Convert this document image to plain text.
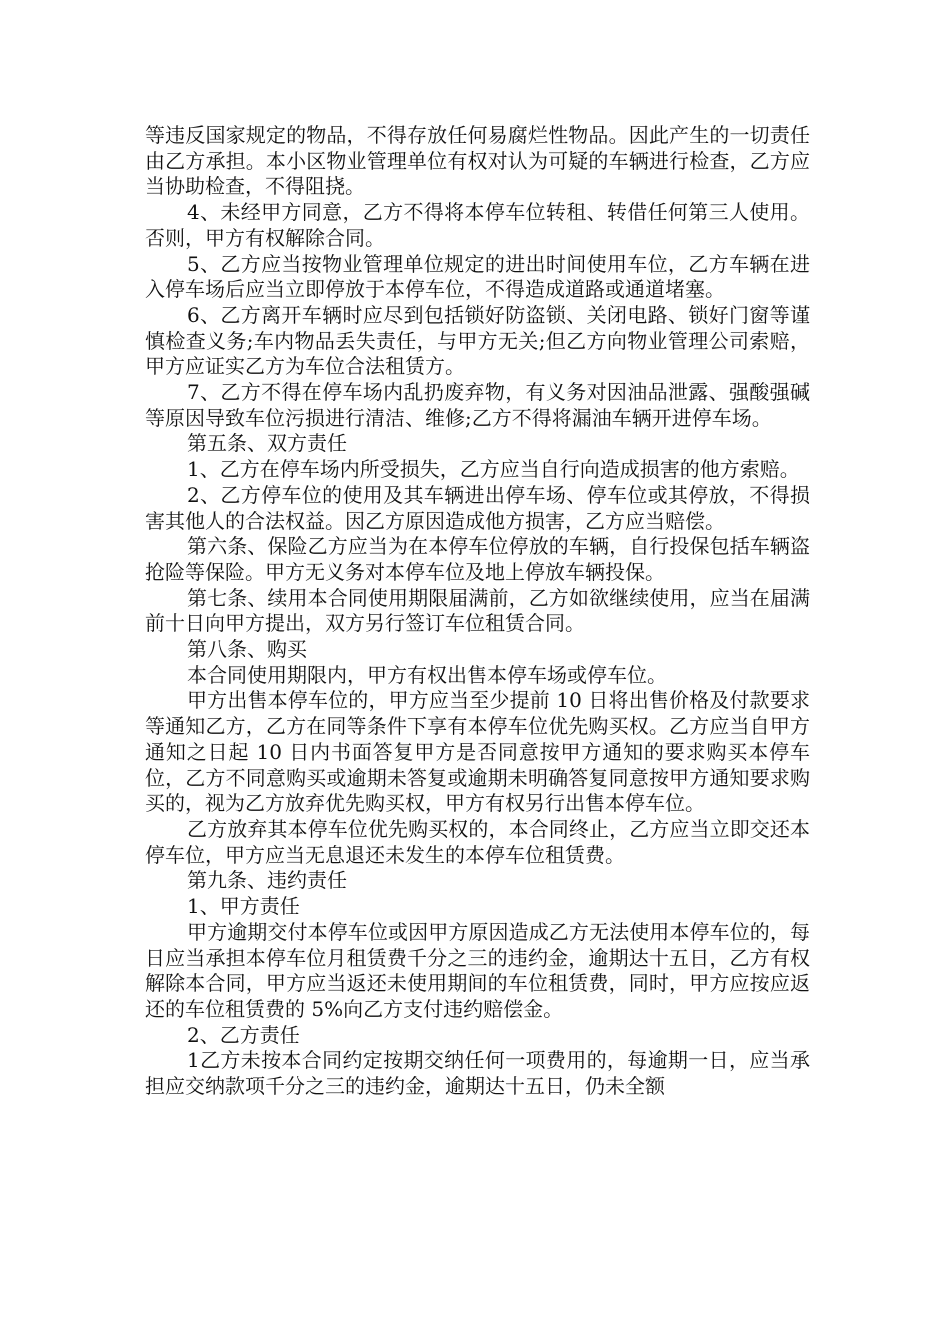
等违反国家规定的物品，不得存放任何易腐烂性物品。因此产生的一切责任由乙方承担。本小区物业管理单位有权对认为可疑的车辆进行检查，乙方应当协助检查，不得阻挠。

4、未经甲方同意，乙方不得将本停车位转租、转借任何第三人使用。否则，甲方有权解除合同。

5、乙方应当按物业管理单位规定的进出时间使用车位，乙方车辆在进入停车场后应当立即停放于本停车位，不得造成道路或通道堵塞。

6、乙方离开车辆时应尽到包括锁好防盗锁、关闭电路、锁好门窗等谨慎检查义务;车内物品丢失责任，与甲方无关;但乙方向物业管理公司索赔，甲方应证实乙方为车位合法租赁方。

7、乙方不得在停车场内乱扔废弃物，有义务对因油品泄露、强酸强碱等原因导致车位污损进行清洁、维修;乙方不得将漏油车辆开进停车场。

第五条、双方责任

1、乙方在停车场内所受损失，乙方应当自行向造成损害的他方索赔。

2、乙方停车位的使用及其车辆进出停车场、停车位或其停放，不得损害其他人的合法权益。因乙方原因造成他方损害，乙方应当赔偿。

第六条、保险乙方应当为在本停车位停放的车辆，自行投保包括车辆盗抢险等保险。甲方无义务对本停车位及地上停放车辆投保。

第七条、续用本合同使用期限届满前，乙方如欲继续使用，应当在届满前十日向甲方提出，双方另行签订车位租赁合同。

第八条、购买

本合同使用期限内，甲方有权出售本停车场或停车位。

甲方出售本停车位的，甲方应当至少提前 10 日将出售价格及付款要求等通知乙方，乙方在同等条件下享有本停车位优先购买权。乙方应当自甲方通知之日起 10 日内书面答复甲方是否同意按甲方通知的要求购买本停车位，乙方不同意购买或逾期未答复或逾期未明确答复同意按甲方通知要求购买的，视为乙方放弃优先购买权，甲方有权另行出售本停车位。

乙方放弃其本停车位优先购买权的，本合同终止，乙方应当立即交还本停车位，甲方应当无息退还未发生的本停车位租赁费。

第九条、违约责任

1、甲方责任

甲方逾期交付本停车位或因甲方原因造成乙方无法使用本停车位的，每日应当承担本停车位月租赁费千分之三的违约金，逾期达十五日，乙方有权解除本合同，甲方应当返还未使用期间的车位租赁费，同时，甲方应按应返还的车位租赁费的 5%向乙方支付违约赔偿金。

2、乙方责任

1乙方未按本合同约定按期交纳任何一项费用的，每逾期一日，应当承担应交纳款项千分之三的违约金，逾期达十五日，仍未全额
